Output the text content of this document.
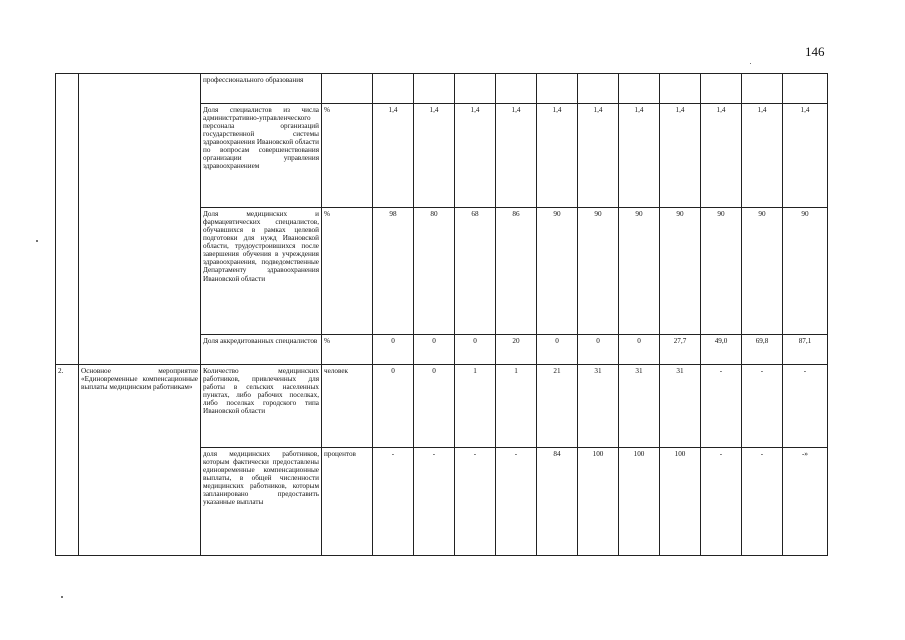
146
		профессионального образования												
		Доля специалистов из числа административно-управленческого персонала организаций государственной системы здравоохранения Ивановской области по вопросам совершенствования организации управления здравоохранением	%	1,4	1,4	1,4	1,4	1,4	1,4	1,4	1,4	1,4	1,4	1,4
		Доля медицинских и фармацевтических специалистов, обучавшихся в рамках целевой подготовки для нужд Ивановской области, трудоустроившихся после завершения обучения в учреждения здравоохранения, подведомственные Департаменту здравоохранения Ивановской области	%	98	80	68	86	90	90	90	90	90	90	90
		Доля аккредитованных специалистов	%	0	0	0	20	0	0	0	27,7	49,0	69,8	87,1
2.	Основное мероприятие «Единовременные компенсационные выплаты медицинским работникам»	Количество медицинских работников, привлеченных для работы в сельских населенных пунктах, либо рабочих поселках, либо поселках городского типа Ивановской области	человек	0	0	1	1	21	31	31	31	-	-	-
		доля медицинских работников, которым фактически предоставлены единовременные компенсационные выплаты, в общей численности медицинских работников, которым запланировано предоставить указанные выплаты	процентов	-	-	-	-	84	100	100	100	-	-	-»
